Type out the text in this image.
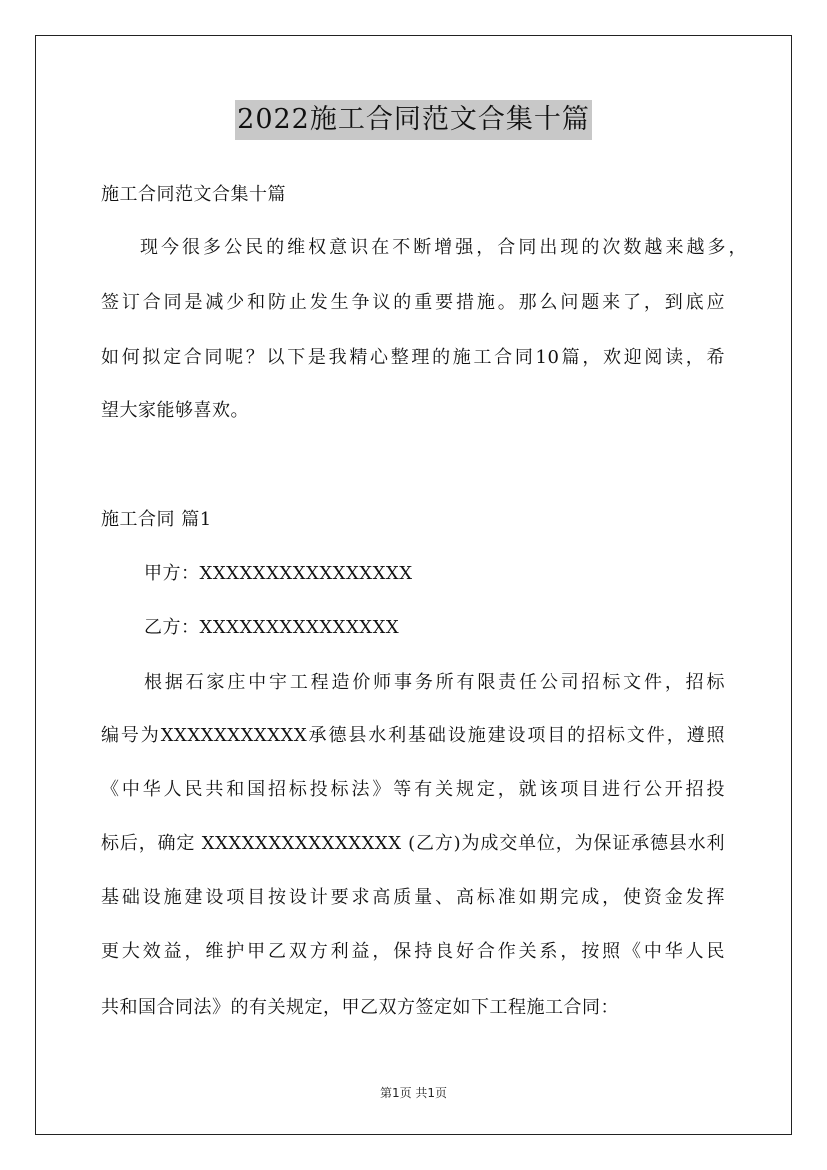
2022施工合同范文合集十篇
施工合同范文合集十篇
现今很多公民的维权意识在不断增强，合同出现的次数越来越多，
签订合同是减少和防止发生争议的重要措施。那么问题来了，到底应
如何拟定合同呢？以下是我精心整理的施工合同10篇，欢迎阅读，希
望大家能够喜欢。
施工合同 篇1
甲方：XXXXXXXXXXXXXXXX
乙方：XXXXXXXXXXXXXXX
根据石家庄中宇工程造价师事务所有限责任公司招标文件，招标
编号为XXXXXXXXXXX承德县水利基础设施建设项目的招标文件，遵照
《中华人民共和国招标投标法》等有关规定，就该项目进行公开招投
标后，确定 XXXXXXXXXXXXXXX (乙方)为成交单位，为保证承德县水利
基础设施建设项目按设计要求高质量、高标准如期完成，使资金发挥
更大效益，维护甲乙双方利益，保持良好合作关系，按照《中华人民
共和国合同法》的有关规定，甲乙双方签定如下工程施工合同：
第1页 共1页
